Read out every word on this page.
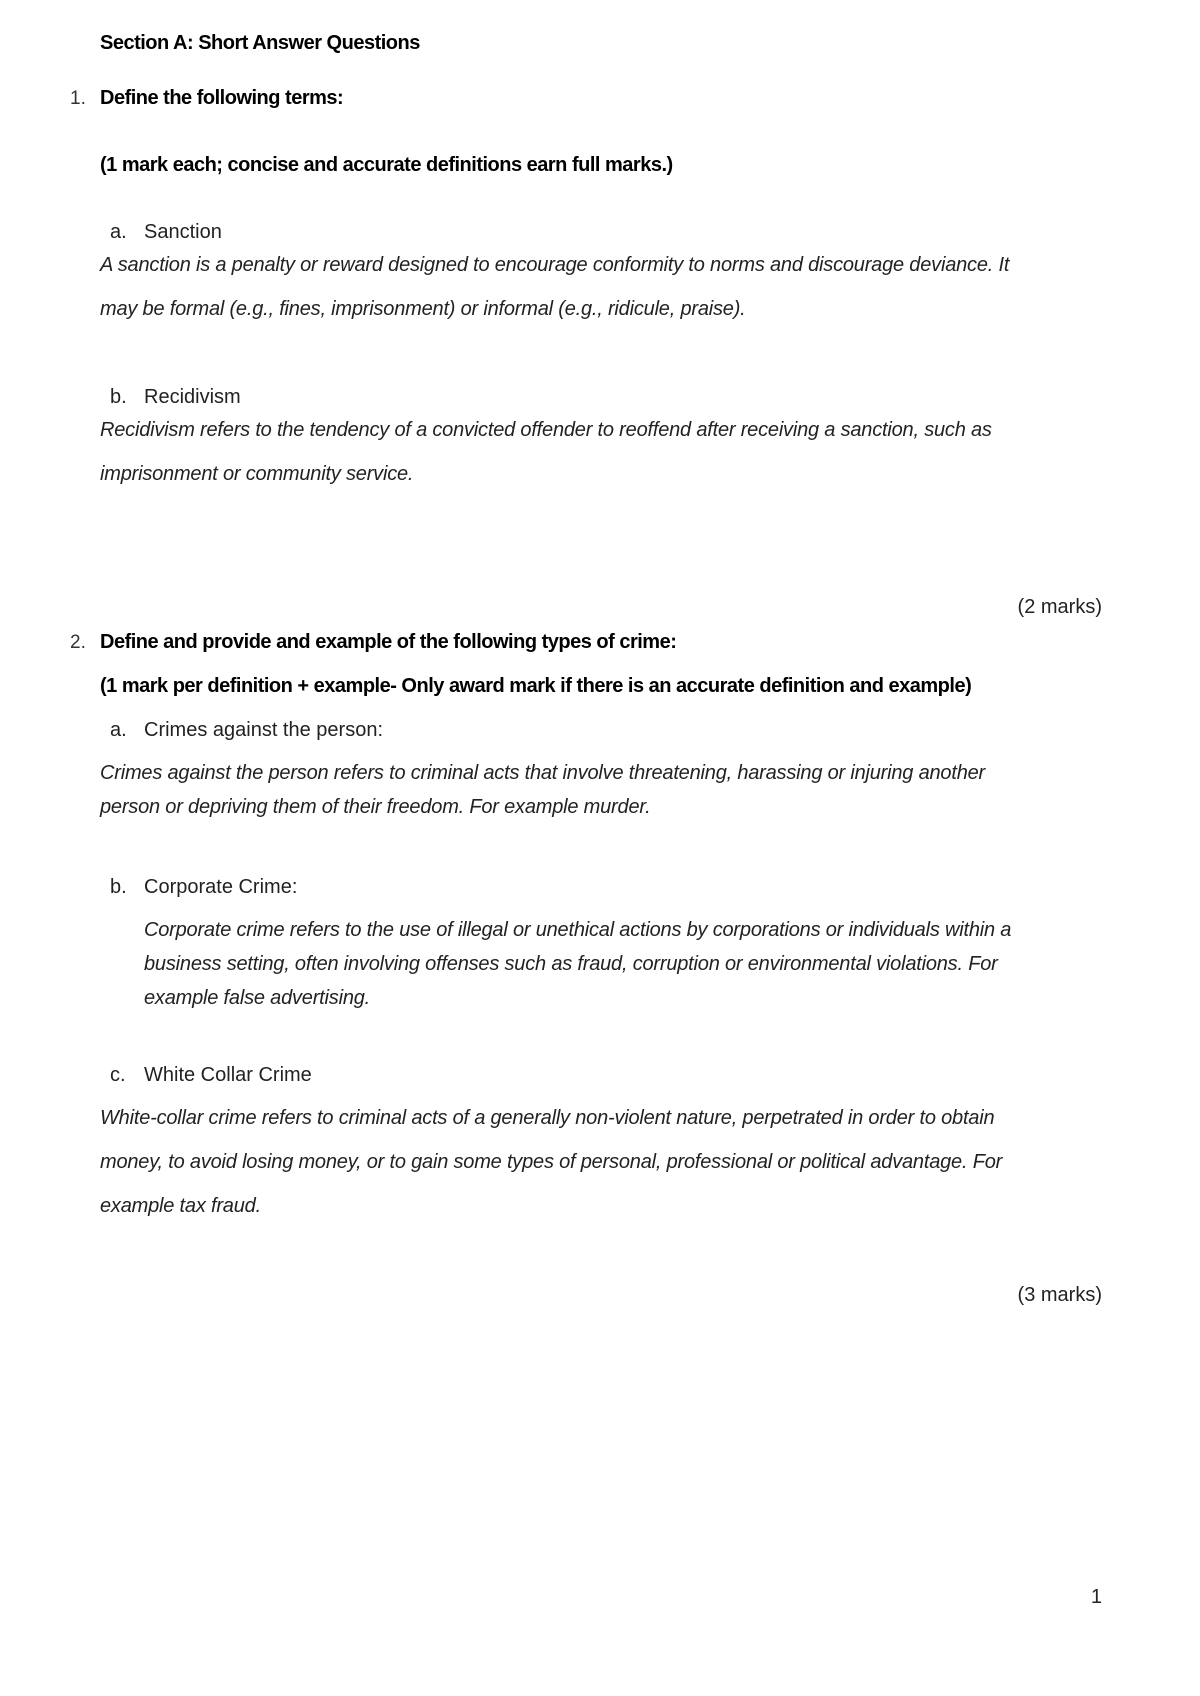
Section A: Short Answer Questions
1. Define the following terms:
(1 mark each; concise and accurate definitions earn full marks.)
a. Sanction
A sanction is a penalty or reward designed to encourage conformity to norms and discourage deviance. It
may be formal (e.g., fines, imprisonment) or informal (e.g., ridicule, praise).
b. Recidivism
Recidivism refers to the tendency of a convicted offender to reoffend after receiving a sanction, such as
imprisonment or community service.
(2 marks)
2. Define and provide and example of the following types of crime:
(1 mark per definition + example- Only award mark if there is an accurate definition and example)
a. Crimes against the person:
Crimes against the person refers to criminal acts that involve threatening, harassing or injuring another
person or depriving them of their freedom. For example murder.
b. Corporate Crime:
Corporate crime refers to the use of illegal or unethical actions by corporations or individuals within a
business setting, often involving offenses such as fraud, corruption or environmental violations. For
example false advertising.
c. White Collar Crime
White-collar crime refers to criminal acts of a generally non-violent nature, perpetrated in order to obtain
money, to avoid losing money, or to gain some types of personal, professional or political advantage. For
example tax fraud.
(3 marks)
1
